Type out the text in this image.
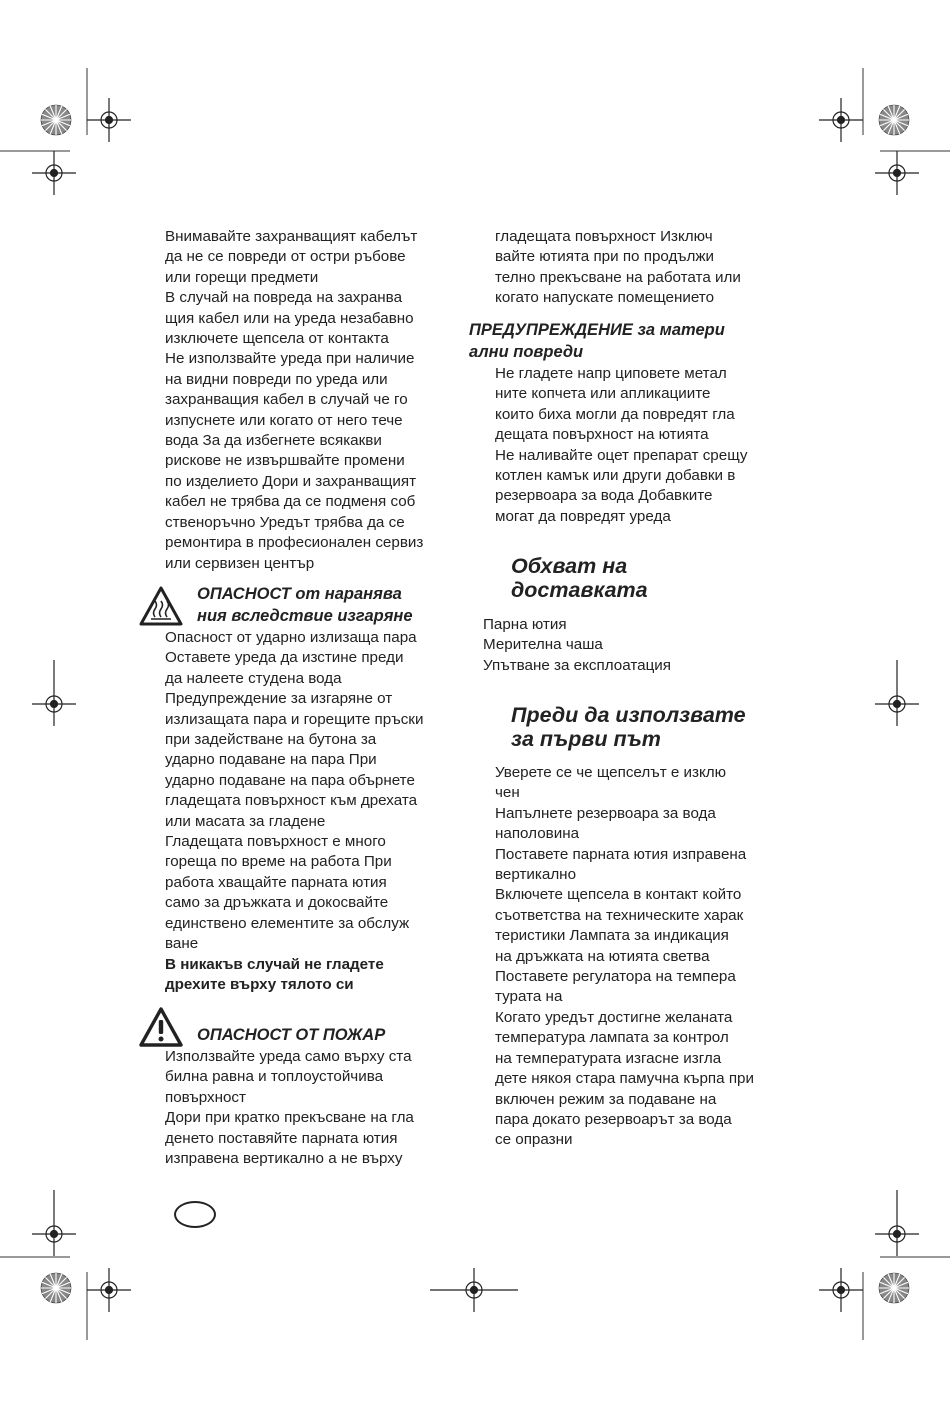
Внимавайте захранващият кабелът

да не се повреди от остри ръбове

или горещи предмети

В случай на повреда на захранва

щия кабел или на уреда незабавно

изключете щепсела от контакта

Не използвайте уреда при наличие

на видни повреди по уреда или

захранващия кабел в случай че го

изпуснете или когато от него тече

вода За да избегнете всякакви

рискове не извършвайте промени

по изделието Дори и захранващият

кабел не трябва да се подменя соб

ственоръчно Уредът трябва да се

ремонтира в професионален сервиз

или сервизен център

ОПАСНОСТ от наранява

ния вследствие изгаряне

Опасност от ударно излизаща пара

Оставете уреда да изстине преди

да налеете студена вода

Предупреждение за изгаряне от

излизащата пара и горещите пръски

при задействане на бутона за

ударно подаване на пара При

ударно подаване на пара обърнете

гладещата повърхност към дрехата

или масата за гладене

Гладещата повърхност е много

гореща по време на работа При

работа хващайте парната ютия

само за дръжката и докосвайте

единствено елементите за обслуж

ване

В никакъв случай не гладете

дрехите върху тялото си

ОПАСНОСТ ОТ ПОЖАР

Използвайте уреда само върху ста

билна равна и топлоустойчива

повърхност

Дори при кратко прекъсване на гла

денето поставяйте парната ютия

изправена вертикално а не върху

гладещата повърхност Изключ

вайте ютията при по продължи

телно прекъсване на работата или

когато напускате помещението

ПРЕДУПРЕЖДЕНИЕ за матери

ални повреди

Не гладете напр циповете метал

ните копчета или апликациите

които биха могли да повредят гла

дещата повърхност на ютията

Не наливайте оцет препарат срещу

котлен камък или други добавки в

резервоара за вода Добавките

могат да повредят уреда

Обхват на

доставката

Парна ютия

Мерителна чаша

Упътване за експлоатация

Преди да използвате

за първи път

Уверете се че щепселът е изклю

чен

Напълнете резервоара за вода

наполовина

Поставете парната ютия изправена

вертикално

Включете щепсела в контакт който

съответства на техническите харак

теристики Лампата за индикация

на дръжката на ютията светва

Поставете регулатора на темпера

турата на

Когато уредът достигне желаната

температура лампата за контрол

на температурата изгасне изгла

дете някоя стара памучна кърпа при

включен режим за подаване на

пара докато резервоарът за вода

се опразни
